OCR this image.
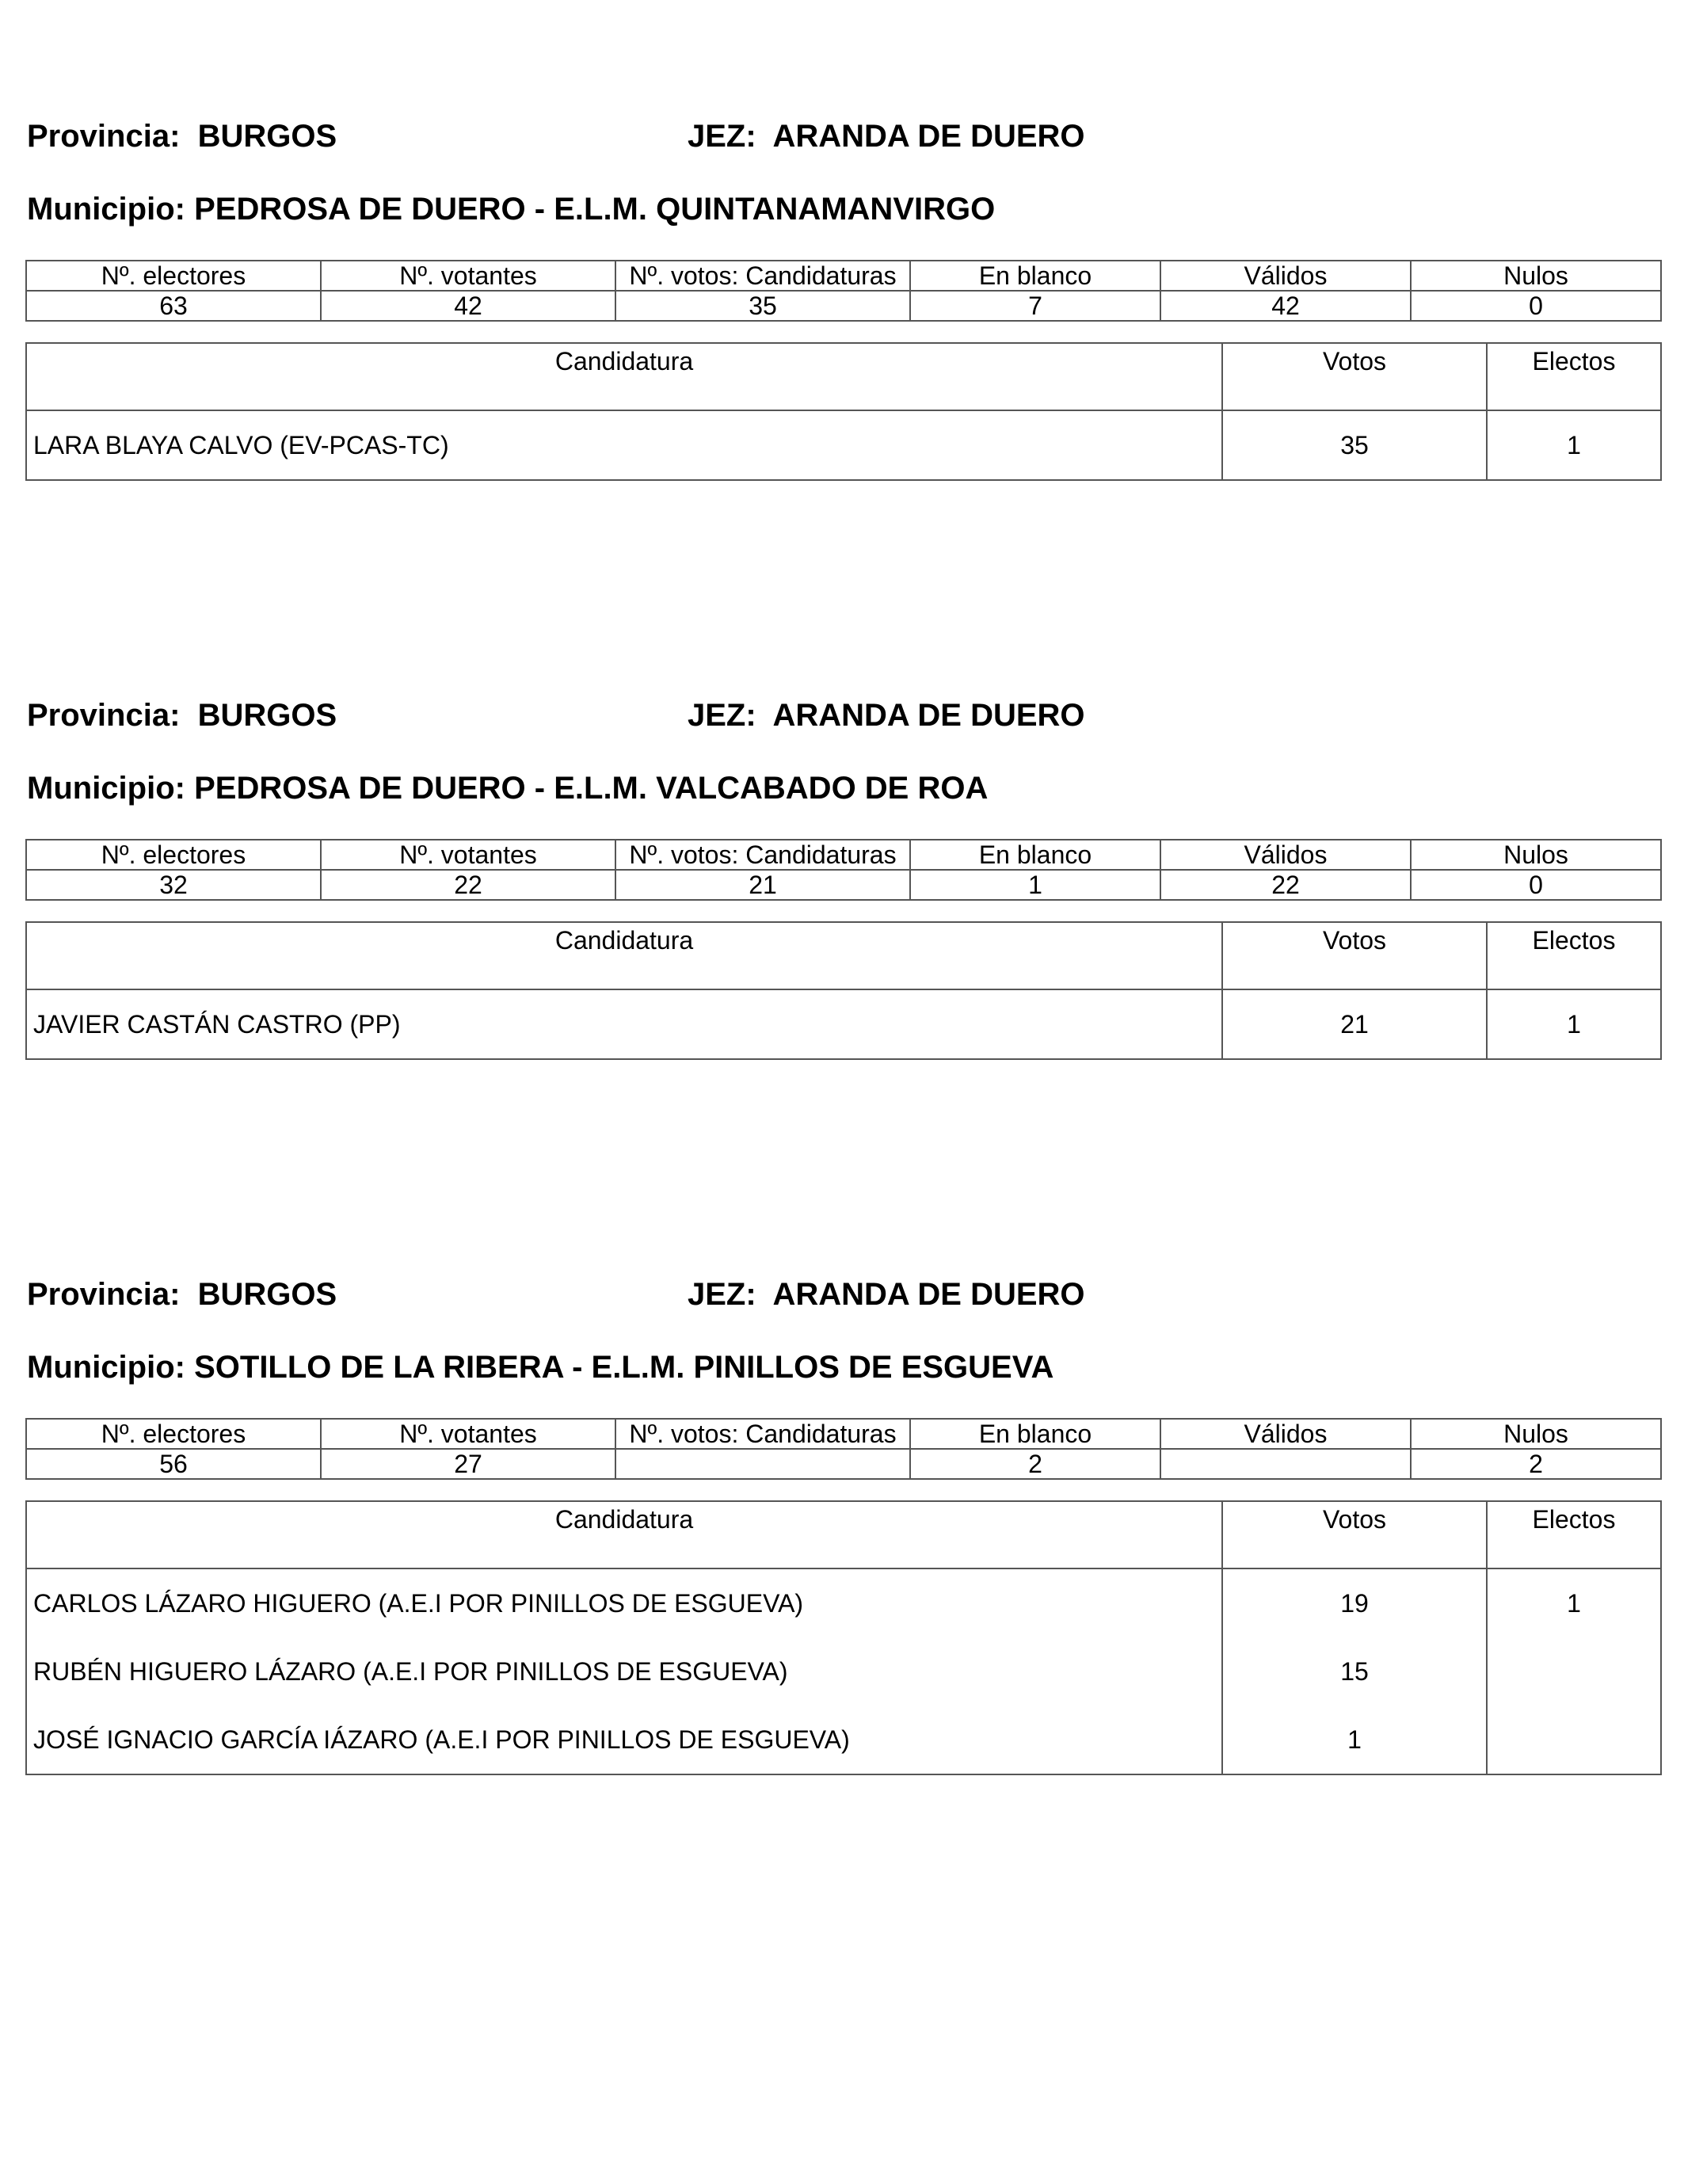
Provincia: BURGOS	JEZ: ARANDA DE DUERO
Municipio: PEDROSA DE DUERO - E.L.M. QUINTANAMANVIRGO
Nº. electores	Nº. votantes	Nº. votos: Candidaturas	En blanco	Válidos	Nulos
63	42	35	7	42	0
Candidatura	Votos	Electos
LARA BLAYA CALVO (EV-PCAS-TC)	35	1
Provincia: BURGOS	JEZ: ARANDA DE DUERO
Municipio: PEDROSA DE DUERO - E.L.M. VALCABADO DE ROA
Nº. electores	Nº. votantes	Nº. votos: Candidaturas	En blanco	Válidos	Nulos
32	22	21	1	22	0
Candidatura	Votos	Electos
JAVIER CASTÁN CASTRO (PP)	21	1
Provincia: BURGOS	JEZ: ARANDA DE DUERO
Municipio: SOTILLO DE LA RIBERA - E.L.M. PINILLOS DE ESGUEVA
Nº. electores	Nº. votantes	Nº. votos: Candidaturas	En blanco	Válidos	Nulos
56	27		2		2
Candidatura	Votos	Electos
CARLOS LÁZARO HIGUERO (A.E.I POR PINILLOS DE ESGUEVA)	19	1
RUBÉN HIGUERO LÁZARO (A.E.I POR PINILLOS DE ESGUEVA)	15	
JOSÉ IGNACIO GARCÍA IÁZARO (A.E.I POR PINILLOS DE ESGUEVA)	1	
